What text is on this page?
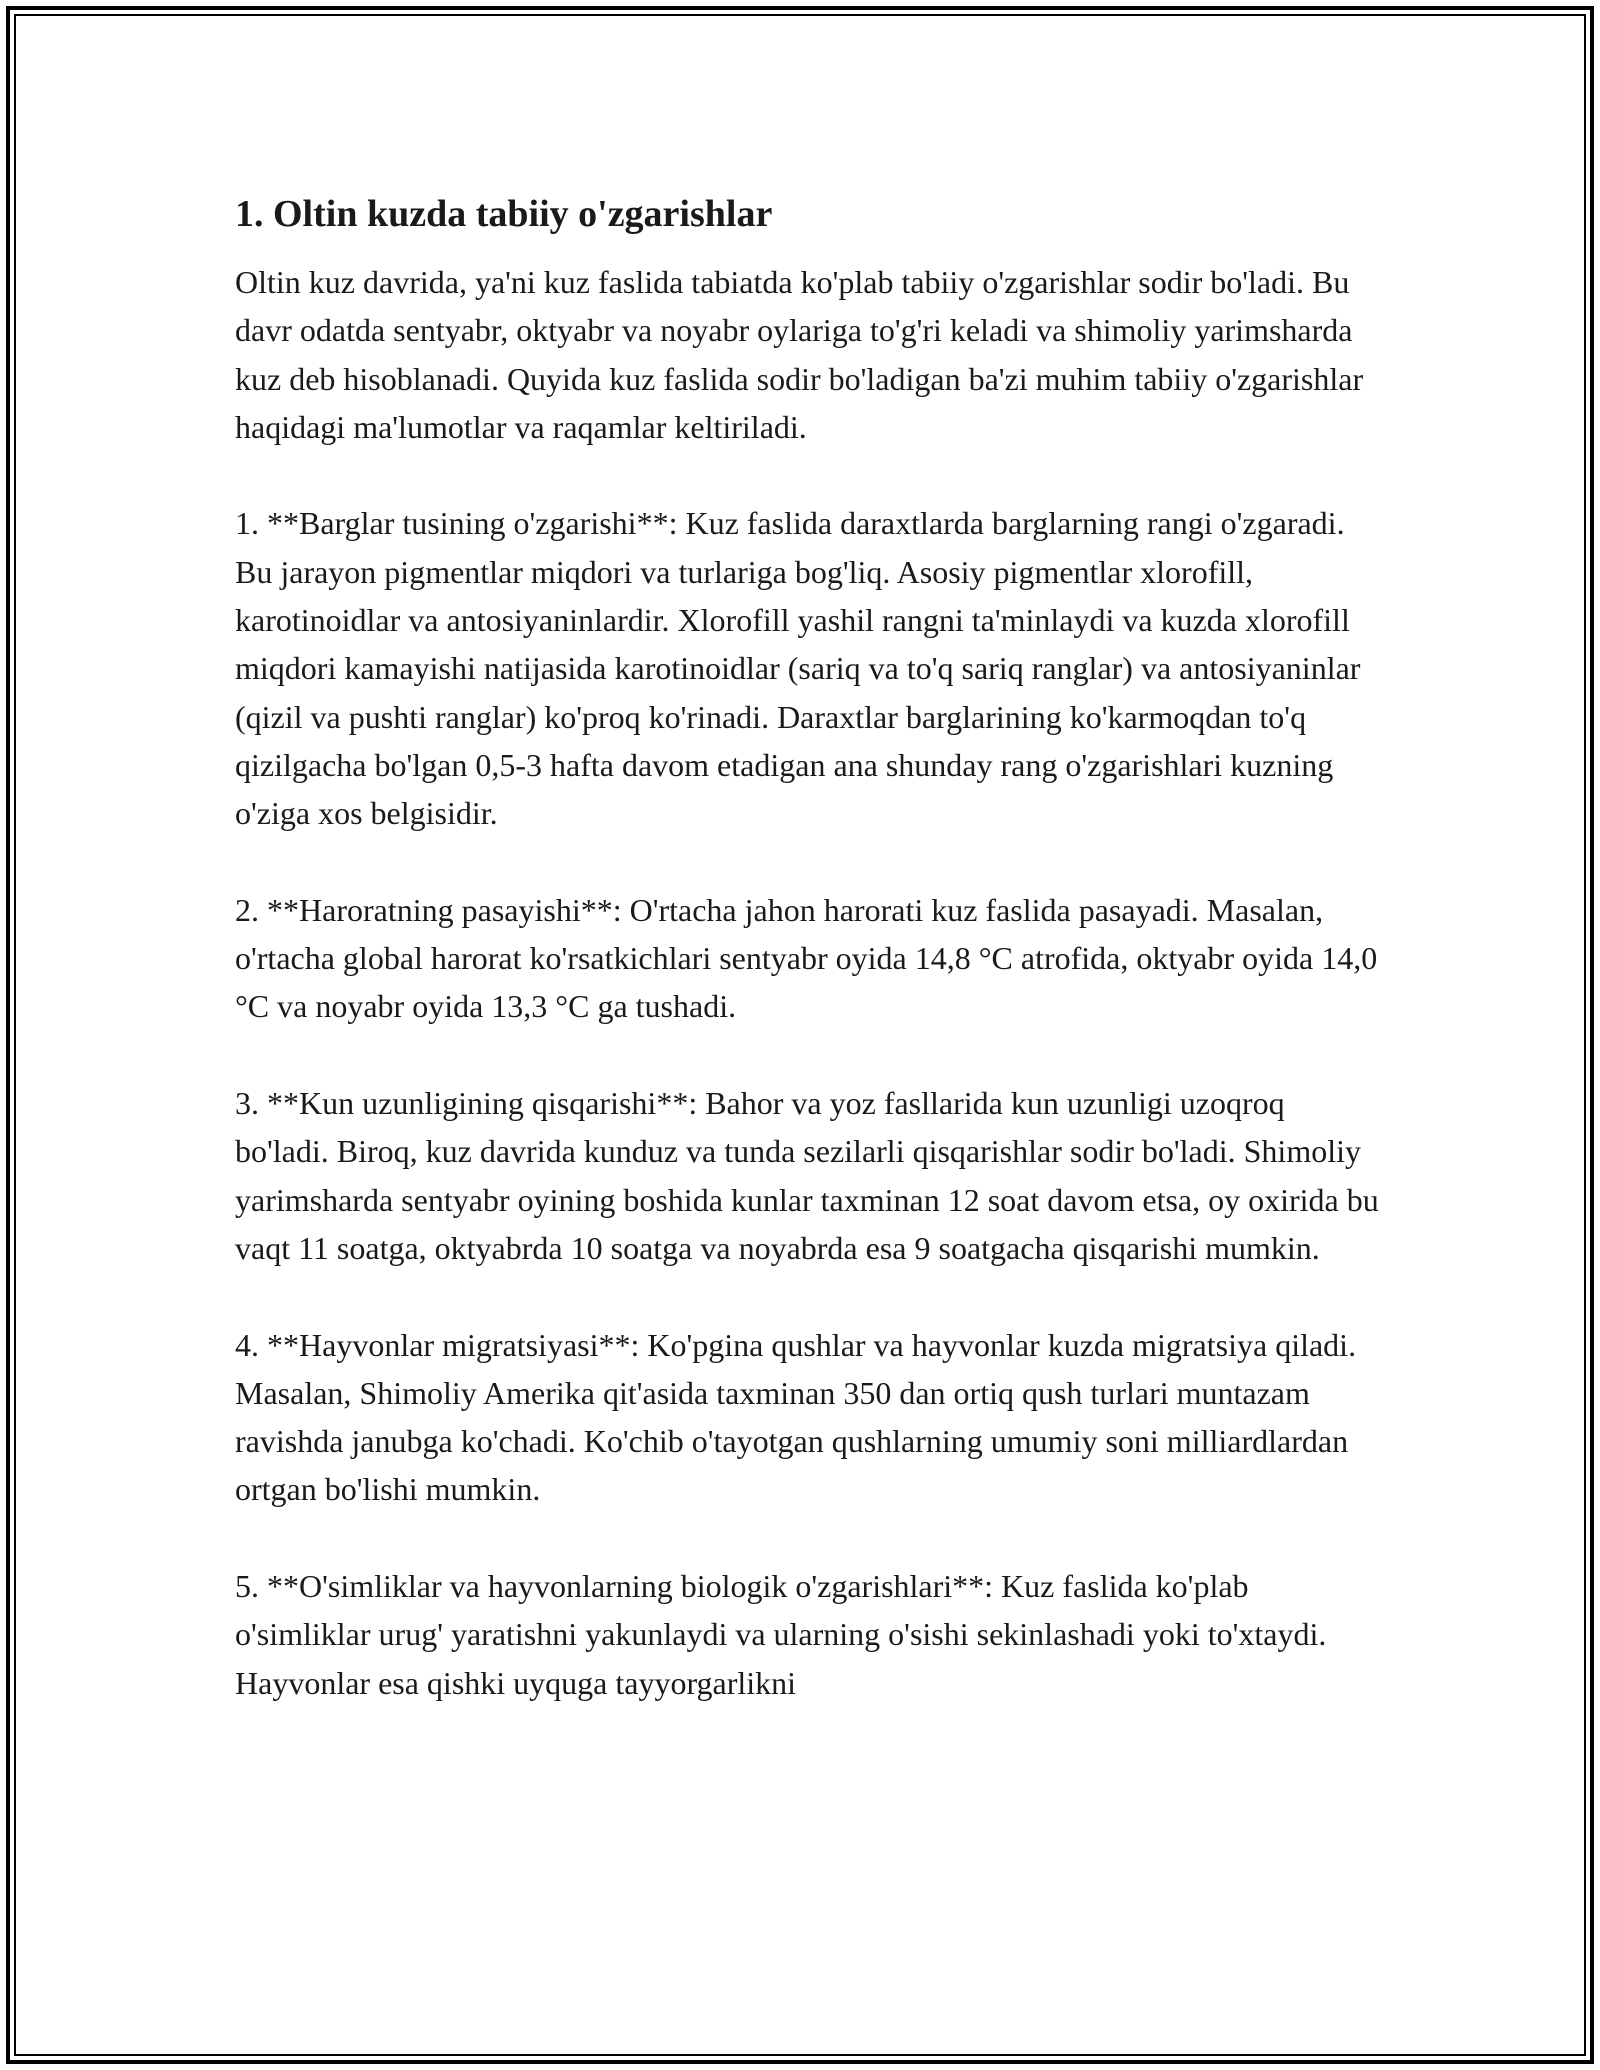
1. Oltin kuzda tabiiy o'zgarishlar

Oltin kuz davrida, ya'ni kuz faslida tabiatda ko'plab tabiiy o'zgarishlar sodir bo'ladi. Bu davr odatda sentyabr, oktyabr va noyabr oylariga to'g'ri keladi va shimoliy yarimsharda kuz deb hisoblanadi. Quyida kuz faslida sodir bo'ladigan ba'zi muhim tabiiy o'zgarishlar haqidagi ma'lumotlar va raqamlar keltiriladi.

1. **Barglar tusining o'zgarishi**: Kuz faslida daraxtlarda barglarning rangi o'zgaradi. Bu jarayon pigmentlar miqdori va turlariga bog'liq. Asosiy pigmentlar xlorofill, karotinoidlar va antosiyaninlardir. Xlorofill yashil rangni ta'minlaydi va kuzda xlorofill miqdori kamayishi natijasida karotinoidlar (sariq va to'q sariq ranglar) va antosiyaninlar (qizil va pushti ranglar) ko'proq ko'rinadi. Daraxtlar barglarining ko'karmoqdan to'q qizilgacha bo'lgan 0,5-3 hafta davom etadigan ana shunday rang o'zgarishlari kuzning o'ziga xos belgisidir.

2. **Haroratning pasayishi**: O'rtacha jahon harorati kuz faslida pasayadi. Masalan, o'rtacha global harorat ko'rsatkichlari sentyabr oyida 14,8 °C atrofida, oktyabr oyida 14,0 °C va noyabr oyida 13,3 °C ga tushadi.

3. **Kun uzunligining qisqarishi**: Bahor va yoz fasllarida kun uzunligi uzoqroq bo'ladi. Biroq, kuz davrida kunduz va tunda sezilarli qisqarishlar sodir bo'ladi. Shimoliy yarimsharda sentyabr oyining boshida kunlar taxminan 12 soat davom etsa, oy oxirida bu vaqt 11 soatga, oktyabrda 10 soatga va noyabrda esa 9 soatgacha qisqarishi mumkin.

4. **Hayvonlar migratsiyasi**: Ko'pgina qushlar va hayvonlar kuzda migratsiya qiladi. Masalan, Shimoliy Amerika qit'asida taxminan 350 dan ortiq qush turlari muntazam ravishda janubga ko'chadi. Ko'chib o'tayotgan qushlarning umumiy soni milliardlardan ortgan bo'lishi mumkin.

5. **O'simliklar va hayvonlarning biologik o'zgarishlari**: Kuz faslida ko'plab o'simliklar urug' yaratishni yakunlaydi va ularning o'sishi sekinlashadi yoki to'xtaydi. Hayvonlar esa qishki uyquga tayyorgarlikni
